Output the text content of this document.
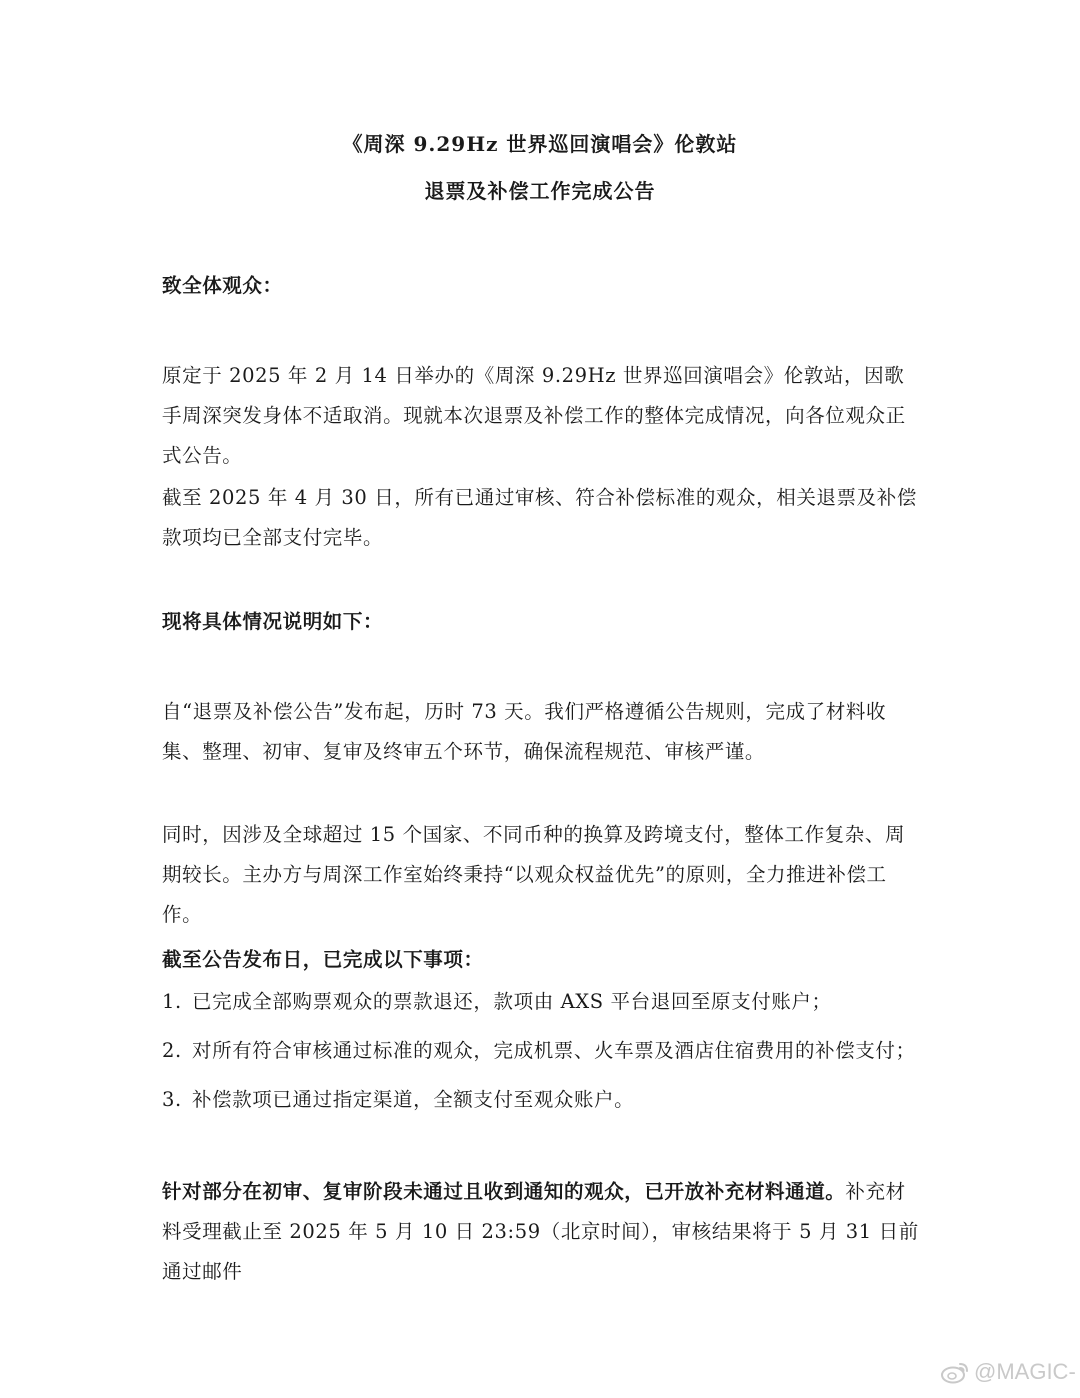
《周深 9.29Hz 世界巡回演唱会》伦敦站
退票及补偿工作完成公告
致全体观众：
原定于 2025 年 2 月 14 日举办的《周深 9.29Hz 世界巡回演唱会》伦敦站，因歌手周深突发身体不适取消。现就本次退票及补偿工作的整体完成情况，向各位观众正式公告。
截至 2025 年 4 月 30 日，所有已通过审核、符合补偿标准的观众，相关退票及补偿款项均已全部支付完毕。
现将具体情况说明如下：
自“退票及补偿公告”发布起，历时 73 天。我们严格遵循公告规则，完成了材料收集、整理、初审、复审及终审五个环节，确保流程规范、审核严谨。
同时，因涉及全球超过 15 个国家、不同币种的换算及跨境支付，整体工作复杂、周期较长。主办方与周深工作室始终秉持“以观众权益优先”的原则，全力推进补偿工作。
截至公告发布日，已完成以下事项：
1. 已完成全部购票观众的票款退还，款项由 AXS 平台退回至原支付账户；
2. 对所有符合审核通过标准的观众，完成机票、火车票及酒店住宿费用的补偿支付；
3. 补偿款项已通过指定渠道，全额支付至观众账户。
针对部分在初审、复审阶段未通过且收到通知的观众，已开放补充材料通道。补充材料受理截止至 2025 年 5 月 10 日 23:59（北京时间），审核结果将于 5 月 31 日前通过邮件
@MAGIC-
